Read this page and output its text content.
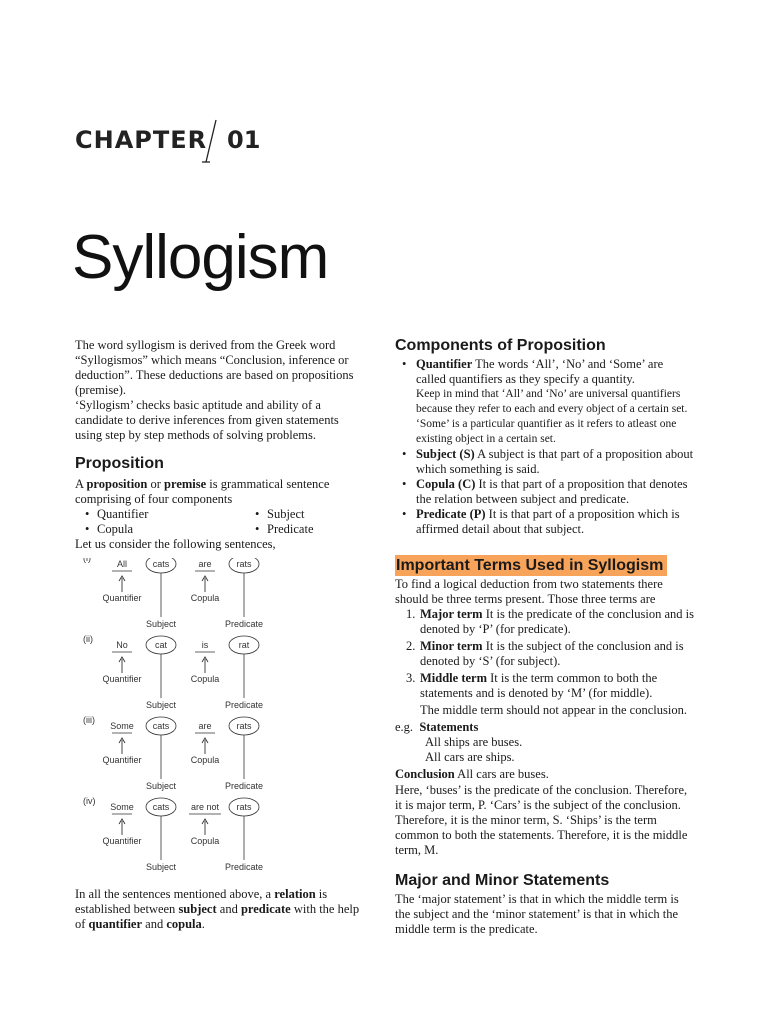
CHAPTER 01
Syllogism

The word syllogism is derived from the Greek word “Syllogismos” which means “Conclusion, inference or deduction”. These deductions are based on propositions (premise).

‘Syllogism’ checks basic aptitude and ability of a candidate to derive inferences from given statements using step by step methods of solving problems.

Proposition

A proposition or premise is grammatical sentence comprising of four components

• Quantifier	• Subject
• Copula	• Predicate

Let us consider the following sentences,

(i)
All
Quantifier
cats
Subject
are
Copula
rats
Predicate
(ii)
No
Quantifier
cat
Subject
is
Copula
rat
Predicate
(iii)
Some
Quantifier
cats
Subject
are
Copula
rats
Predicate
(iv)
Some
Quantifier
cats
Subject
are not
Copula
rats
Predicate

In all the sentences mentioned above, a relation is established between subject and predicate with the help of quantifier and copula.

Components of Proposition
• Quantifier The words ‘All’, ‘No’ and ‘Some’ are called quantifiers as they specify a quantity.
Keep in mind that ‘All’ and ‘No’ are universal quantifiers because they refer to each and every object of a certain set.
‘Some’ is a particular quantifier as it refers to atleast one existing object in a certain set.
• Subject (S) A subject is that part of a proposition about which something is said.
• Copula (C) It is that part of a proposition that denotes the relation between subject and predicate.
• Predicate (P) It is that part of a proposition which is affirmed detail about that subject.
Important Terms Used in Syllogism

To find a logical deduction from two statements there should be three terms present. Those three terms are

1. Major term It is the predicate of the conclusion and is denoted by ‘P’ (for predicate).
2. Minor term It is the subject of the conclusion and is denoted by ‘S’ (for subject).
3. Middle term It is the term common to both the statements and is denoted by ‘M’ (for middle).
The middle term should not appear in the conclusion.
e.g. Statements
All ships are buses.
All cars are ships.
Conclusion All cars are buses.

Here, ‘buses’ is the predicate of the conclusion. Therefore, it is major term, P. ‘Cars’ is the subject of the conclusion. Therefore, it is the minor term, S. ‘Ships’ is the term common to both the statements. Therefore, it is the middle term, M.

Major and Minor Statements

The ‘major statement’ is that in which the middle term is the subject and the ‘minor statement’ is that in which the middle term is the predicate.
